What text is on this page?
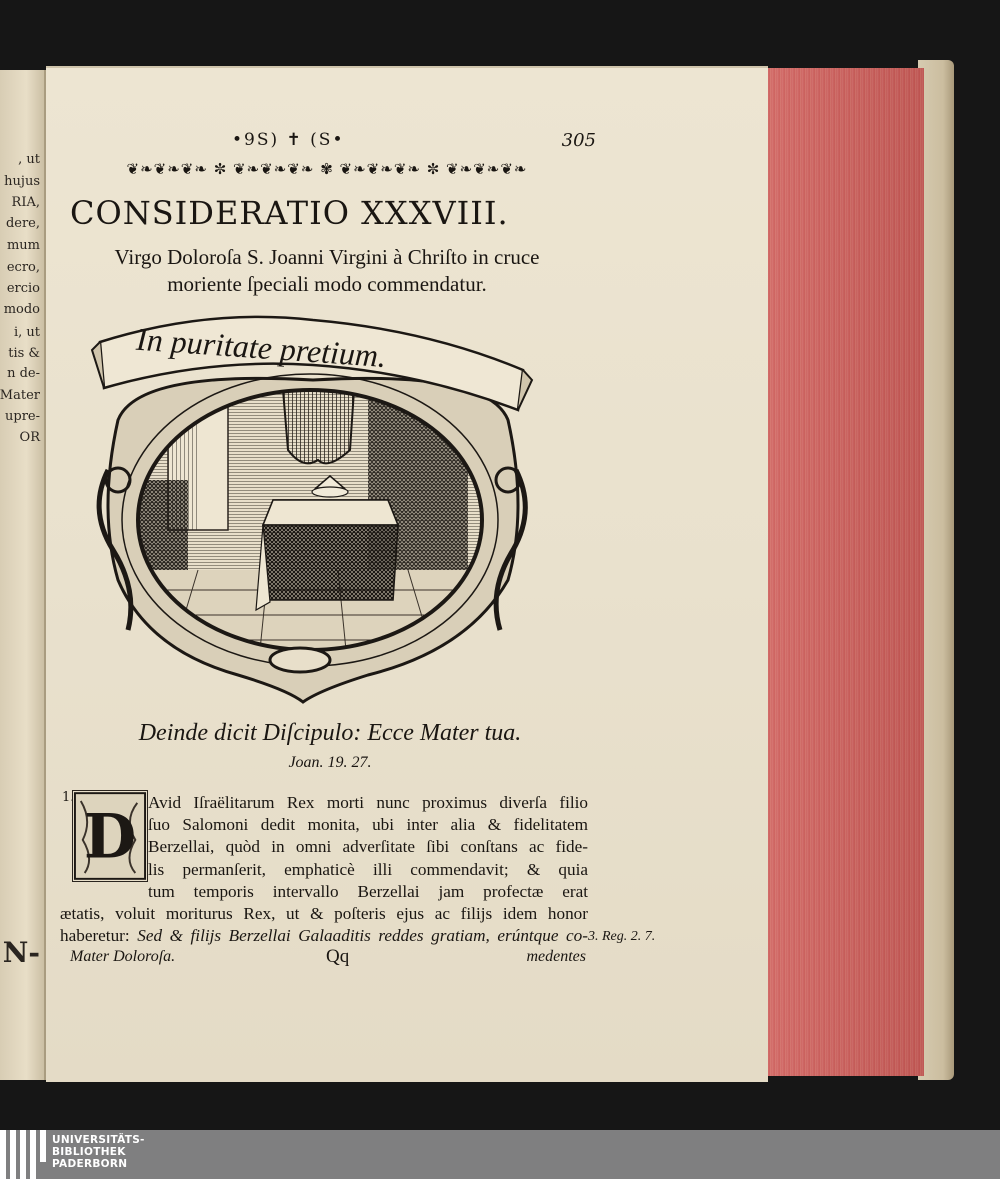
, ut
hujus
RIA,
dere,
mum
ecro,
ercio
modo
i, ut
tis &
n de-
Mater
upre-
OR
N-
•9S) ✝ (S•	305
❦❧❦❧❦❧ ✼ ❦❧❦❧❦❧ ✾ ❦❧❦❧❦❧ ✼ ❦❧❦❧❦❧
CONSIDERATIO XXXVIII.
Virgo Doloroſa S. Joanni Virgini à Chriſto in cruce
moriente ſpeciali modo commendatur.
In puritate pretium.
Deinde dicit Diſcipulo: Ecce Mater tua.
Joan. 19. 27.
1.
D Avid Iſraëlitarum Rex morti nunc proximus diverſa filio
ſuo Salomoni dedit monita, ubi inter alia & fidelitatem
Berzellai, quòd in omni adverſitate ſibi conſtans ac fide-
lis permanſerit, emphaticè illi commendavit; & quia
tum temporis intervallo Berzellai jam profectæ erat
ætatis, voluit moriturus Rex, ut & poſteris ejus ac filijs idem honor
haberetur: Sed & filijs Berzellai Galaaditis reddes gratiam, erúntque co- 3. Reg. 2. 7.
Mater Doloroſa.	Qq	medentes
UNIVERSITÄTS-
BIBLIOTHEK
PADERBORN
